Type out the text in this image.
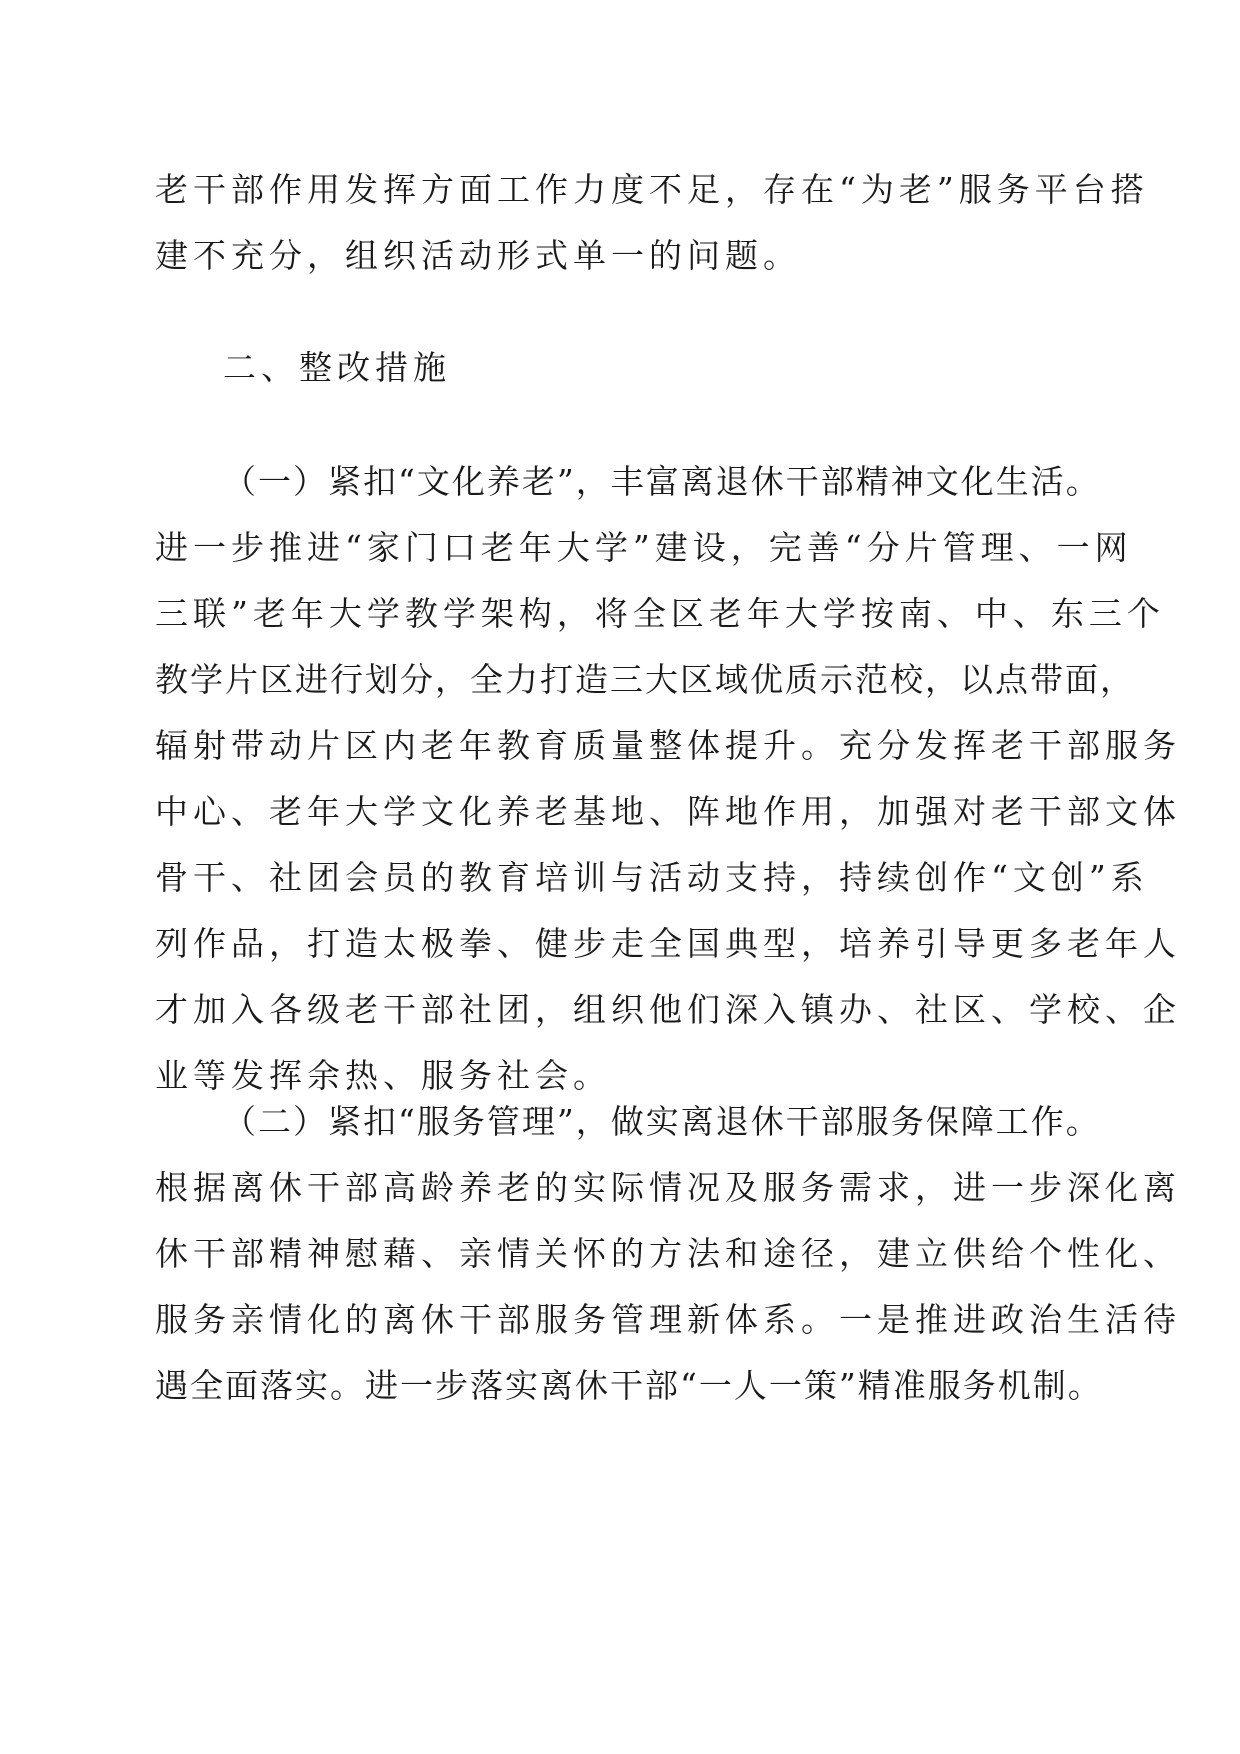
老干部作用发挥方面工作力度不足，存在“为老”服务平台搭
建不充分，组织活动形式单一的问题。
二、整改措施
（一）紧扣“文化养老”，丰富离退休干部精神文化生活。
进一步推进“家门口老年大学”建设，完善“分片管理、一网
三联”老年大学教学架构，将全区老年大学按南、中、东三个
教学片区进行划分，全力打造三大区域优质示范校，以点带面，
辐射带动片区内老年教育质量整体提升。充分发挥老干部服务
中心、老年大学文化养老基地、阵地作用，加强对老干部文体
骨干、社团会员的教育培训与活动支持，持续创作“文创”系
列作品，打造太极拳、健步走全国典型，培养引导更多老年人
才加入各级老干部社团，组织他们深入镇办、社区、学校、企
业等发挥余热、服务社会。
（二）紧扣“服务管理”，做实离退休干部服务保障工作。
根据离休干部高龄养老的实际情况及服务需求，进一步深化离
休干部精神慰藉、亲情关怀的方法和途径，建立供给个性化、
服务亲情化的离休干部服务管理新体系。一是推进政治生活待
遇全面落实。进一步落实离休干部“一人一策”精准服务机制。
